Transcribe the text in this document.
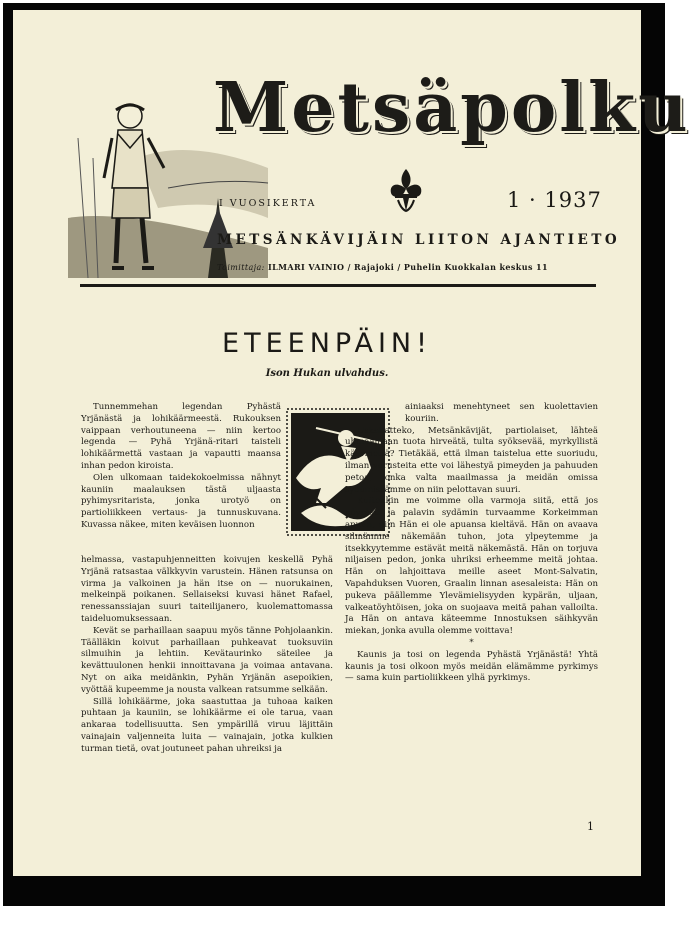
Metsäpolku
I VUOSIKERTA	1 · 1937
METSÄNKÄVIJÄIN LIITON AJANTIETO
Toimittaja: ILMARI VAINIO / Rajajoki / Puhelin Kuokkalan keskus 11
ETEENPÄIN!
Ison Hukan ulvahdus.

Tunnemmehan legendan Pyhästä Yrjänästä ja lohikäärmeestä. Rukouksen vaippaan verhoutuneena — niin kertoo legenda — Pyhä Yrjänä-ritari taisteli lohikäärmettä vastaan ja vapautti maansa inhan pedon kiroista.

Olen ulkomaan taidekokoelmissa nähnyt kauniin maalauksen tästä uljaasta pyhimysritarista, jonka urotyö on partioliikkeen vertaus- ja tunnuskuvana. Kuvassa näkee, miten keväisen luonnon

helmassa, vastapuhjenneitten koivujen keskellä Pyhä Yrjänä ratsastaa välkkyvin varustein. Hänen ratsunsa on virma ja valkoinen ja hän itse on — nuorukainen, melkeinpä poikanen. Sellaiseksi kuvasi hänet Rafael, renessanssiajan suuri taiteilijanero, kuolemattomassa taideluomuksessaan.

Kevät se parhaillaan saapuu myös tänne Pohjolaankin. Täälläkin koivut parhaillaan puhkeavat tuoksuviin silmuihin ja lehtiin. Kevätaurinko säteilee ja kevättuulonen henkii innoittavana ja voimaa antavana. Nyt on aika meidänkin, Pyhän Yrjänän asepoikien, vyöttää kupeemme ja nousta valkean ratsumme selkään.

Sillä lohikäärme, joka saastuttaa ja tuhoaa kaiken puhtaan ja kauniin, se lohikäärme ei ole tarua, vaan ankaraa todellisuutta. Sen ympärillä viruu läjittäin vainajain valjenneita luita — vainajain, jotka kulkien turman tietä, ovat joutuneet pahan uhreiksi ja

ainiaaksi menehtyneet sen kuolettavien kouriin.

Uskallatteko, Metsänkävijät, partiolaiset, lähteä uhmaamaan tuota hirveätä, tulta syöksevää, myrkyllistä käärmettä? Tietäkää, että ilman taistelua ette suoriudu, ilman varusteita ette voi lähestyä pimeyden ja pahuuden petoa, jonka valta maailmassa ja meidän omissa sydämissämme on niin pelottavan suuri.

Kuitenkin me voimme olla varmoja siitä, että jos nöyrästi ja palavin sydämin turvaamme Korkeimman apuun, niin Hän ei ole apuansa kieltävä. Hän on avaava silmämme näkemään tuhon, jota ylpeytemme ja itsekkyytemme estävät meitä näkemästä. Hän on torjuva niljaisen pedon, jonka uhriksi erheemme meitä johtaa. Hän on lahjoittava meille aseet Mont-Salvatin, Vapahduksen Vuoren, Graalin linnan asesaleista: Hän on pukeva päällemme Ylevämielisyyden kypärän, uljaan, valkeatöyhtöisen, joka on suojaava meitä pahan valloilta. Ja Hän on antava käteemme Innostuksen säihkyvän miekan, jonka avulla olemme voittava!

*

Kaunis ja tosi on legenda Pyhästä Yrjänästä! Yhtä kaunis ja tosi olkoon myös meidän elämämme pyrkimys — sama kuin partioliikkeen ylhä pyrkimys.

1
